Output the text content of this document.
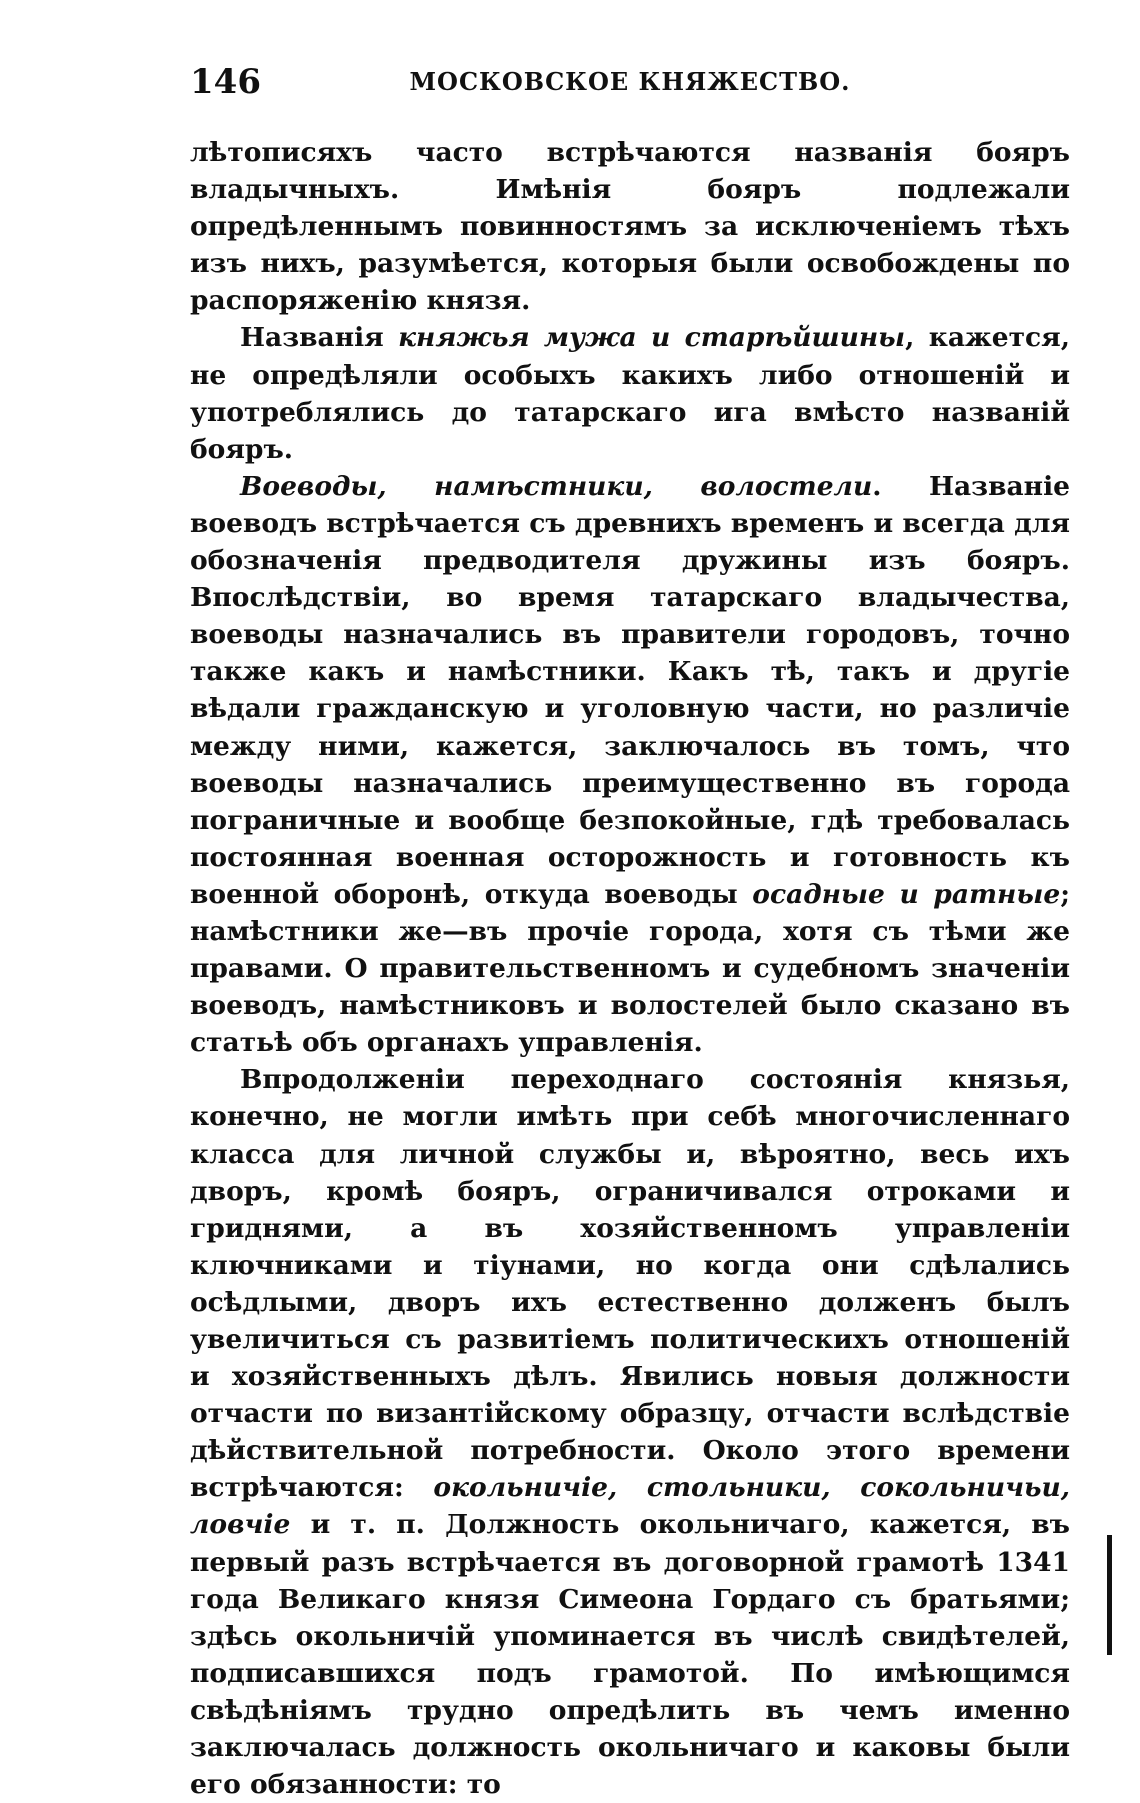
146	МОСКОВСКОЕ КНЯЖЕСТВО.

лѣтописяхъ часто встрѣчаются названія бояръ владычныхъ. Имѣнія бояръ подлежали опредѣленнымъ повинностямъ за исключеніемъ тѣхъ изъ нихъ, разумѣется, которыя были освобождены по распоряженію князя.

Названія княжья мужа и старѣйшины, кажется, не опредѣляли особыхъ какихъ либо отношеній и употреблялись до татарскаго ига вмѣсто названій бояръ.

Воеводы, намѣстники, волостели. Названіе воеводъ встрѣчается съ древнихъ временъ и всегда для обозначенія предводителя дружины изъ бояръ. Впослѣдствіи, во время татарскаго владычества, воеводы назначались въ правители городовъ, точно также какъ и намѣстники. Какъ тѣ, такъ и другіе вѣдали гражданскую и уголовную части, но различіе между ними, кажется, заключалось въ томъ, что воеводы назначались преимущественно въ города пограничные и вообще безпокойные, гдѣ требовалась постоянная военная осторожность и готовность къ военной оборонѣ, откуда воеводы осадные и ратные; намѣстники же—въ прочіе города, хотя съ тѣми же правами. О правительственномъ и судебномъ значеніи воеводъ, намѣстниковъ и волостелей было сказано въ статьѣ объ органахъ управленія.

Впродолженіи переходнаго состоянія князья, конечно, не могли имѣть при себѣ многочисленнаго класса для личной службы и, вѣроятно, весь ихъ дворъ, кромѣ бояръ, ограничивался отроками и гриднями, а въ хозяйственномъ управленіи ключниками и тіунами, но когда они сдѣлались осѣдлыми, дворъ ихъ естественно долженъ былъ увеличиться съ развитіемъ политическихъ отношеній и хозяйственныхъ дѣлъ. Явились новыя должности отчасти по византійскому образцу, отчасти вслѣдствіе дѣйствительной потребности. Около этого времени встрѣчаются: окольничіе, стольники, сокольничьи, ловчіе и т. п. Должность окольничаго, кажется, въ первый разъ встрѣчается въ договорной грамотѣ 1341 года Великаго князя Симеона Гордаго съ братьями; здѣсь окольничій упоминается въ числѣ свидѣтелей, подписавшихся подъ грамотой. По имѣющимся свѣдѣніямъ трудно опредѣлить въ чемъ именно заключалась должность окольничаго и каковы были его обязанности: то
